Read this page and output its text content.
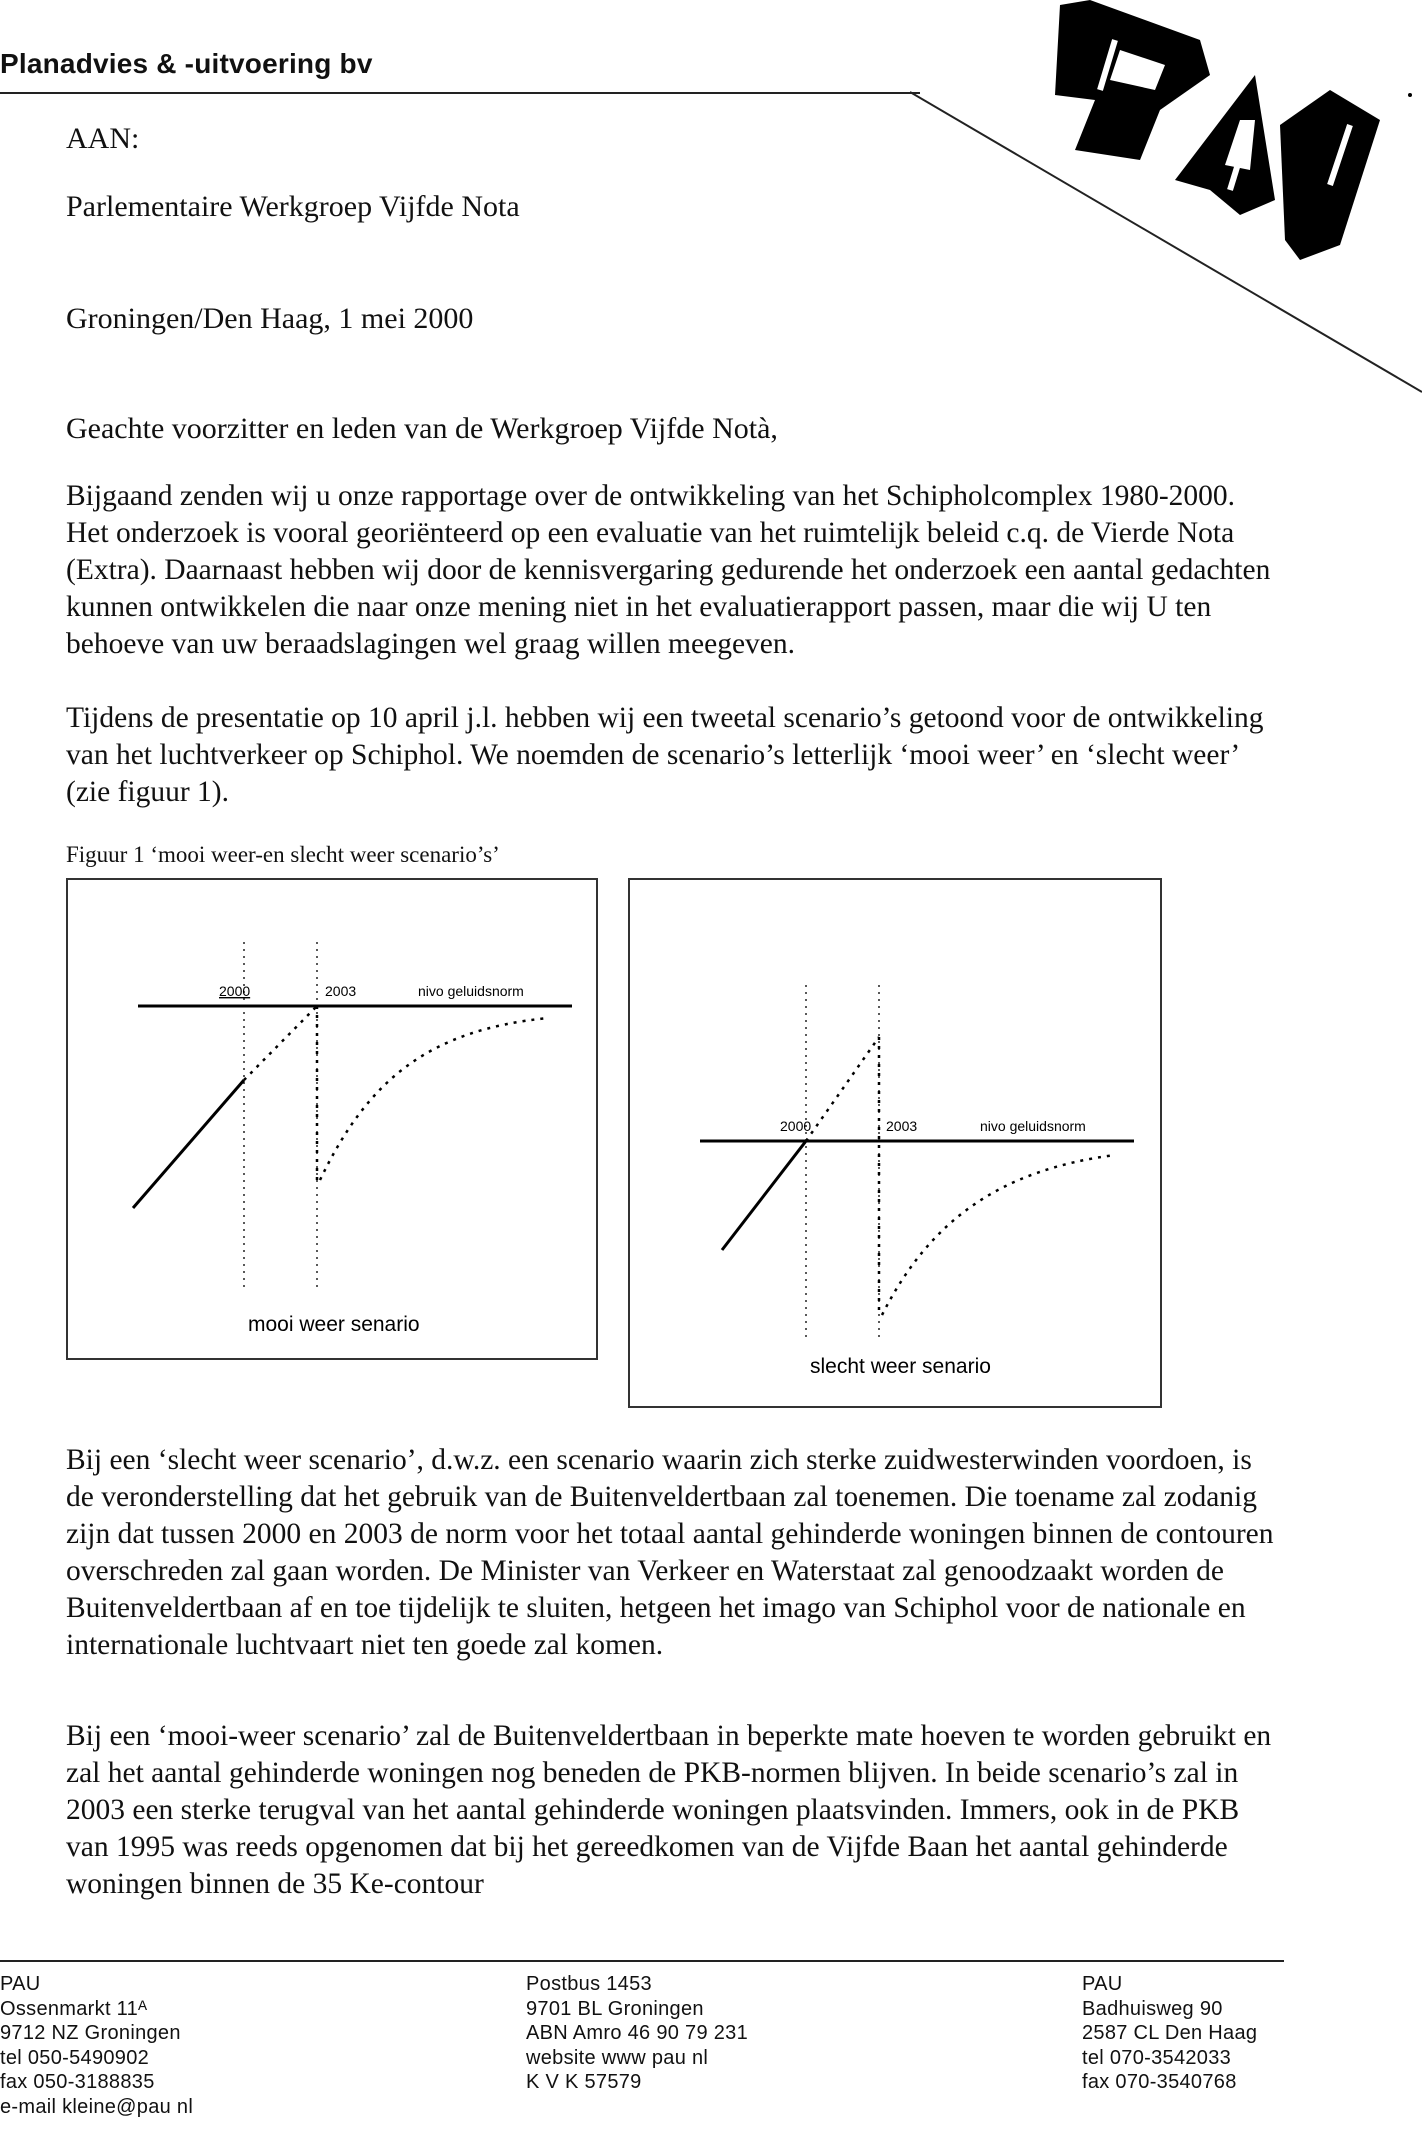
Planadvies & -uitvoering bv
AAN:
Parlementaire Werkgroep Vijfde Nota
Groningen/Den Haag, 1 mei 2000
Geachte voorzitter en leden van de Werkgroep Vijfde Notà,

Bijgaand zenden wij u onze rapportage over de ontwikkeling van het Schipholcomplex 1980-2000. Het onderzoek is vooral georiënteerd op een evaluatie van het ruimtelijk beleid c.q. de Vierde Nota (Extra). Daarnaast hebben wij door de kennisvergaring gedurende het onderzoek een aantal gedachten kunnen ontwikkelen die naar onze mening niet in het evaluatierapport passen, maar die wij U ten behoeve van uw beraadslagingen wel graag willen meegeven.

Tijdens de presentatie op 10 april j.l. hebben wij een tweetal scenario’s getoond voor de ontwikkeling van het luchtverkeer op Schiphol. We noemden de scenario’s letterlijk ‘mooi weer’ en ‘slecht weer’ (zie figuur 1).

Figuur 1 ‘mooi weer-en slecht weer scenario’s’
2000	2003	nivo geluidsnorm
mooi weer senario
2000	2003	nivo geluidsnorm
slecht weer senario

Bij een ‘slecht weer scenario’, d.w.z. een scenario waarin zich sterke zuidwesterwinden voordoen, is de veronderstelling dat het gebruik van de Buitenveldertbaan zal toenemen. Die toename zal zodanig zijn dat tussen 2000 en 2003 de norm voor het totaal aantal gehinderde woningen binnen de contouren overschreden zal gaan worden. De Minister van Verkeer en Waterstaat zal genoodzaakt worden de Buitenveldertbaan af en toe tijdelijk te sluiten, hetgeen het imago van Schiphol voor de nationale en internationale luchtvaart niet ten goede zal komen.

Bij een ‘mooi-weer scenario’ zal de Buitenveldertbaan in beperkte mate hoeven te worden gebruikt en zal het aantal gehinderde woningen nog beneden de PKB-normen blijven. In beide scenario’s zal in 2003 een sterke terugval van het aantal gehinderde woningen plaatsvinden. Immers, ook in de PKB van 1995 was reeds opgenomen dat bij het gereedkomen van de Vijfde Baan het aantal gehinderde woningen binnen de 35 Ke-contour

PAU
Ossenmarkt 11ᴬ
9712 NZ Groningen
tel 050-5490902
fax 050-3188835
e-mail kleine@pau nl
Postbus 1453
9701 BL Groningen
ABN Amro 46 90 79 231
website www pau nl
K V K 57579
PAU
Badhuisweg 90
2587 CL Den Haag
tel 070-3542033
fax 070-3540768
